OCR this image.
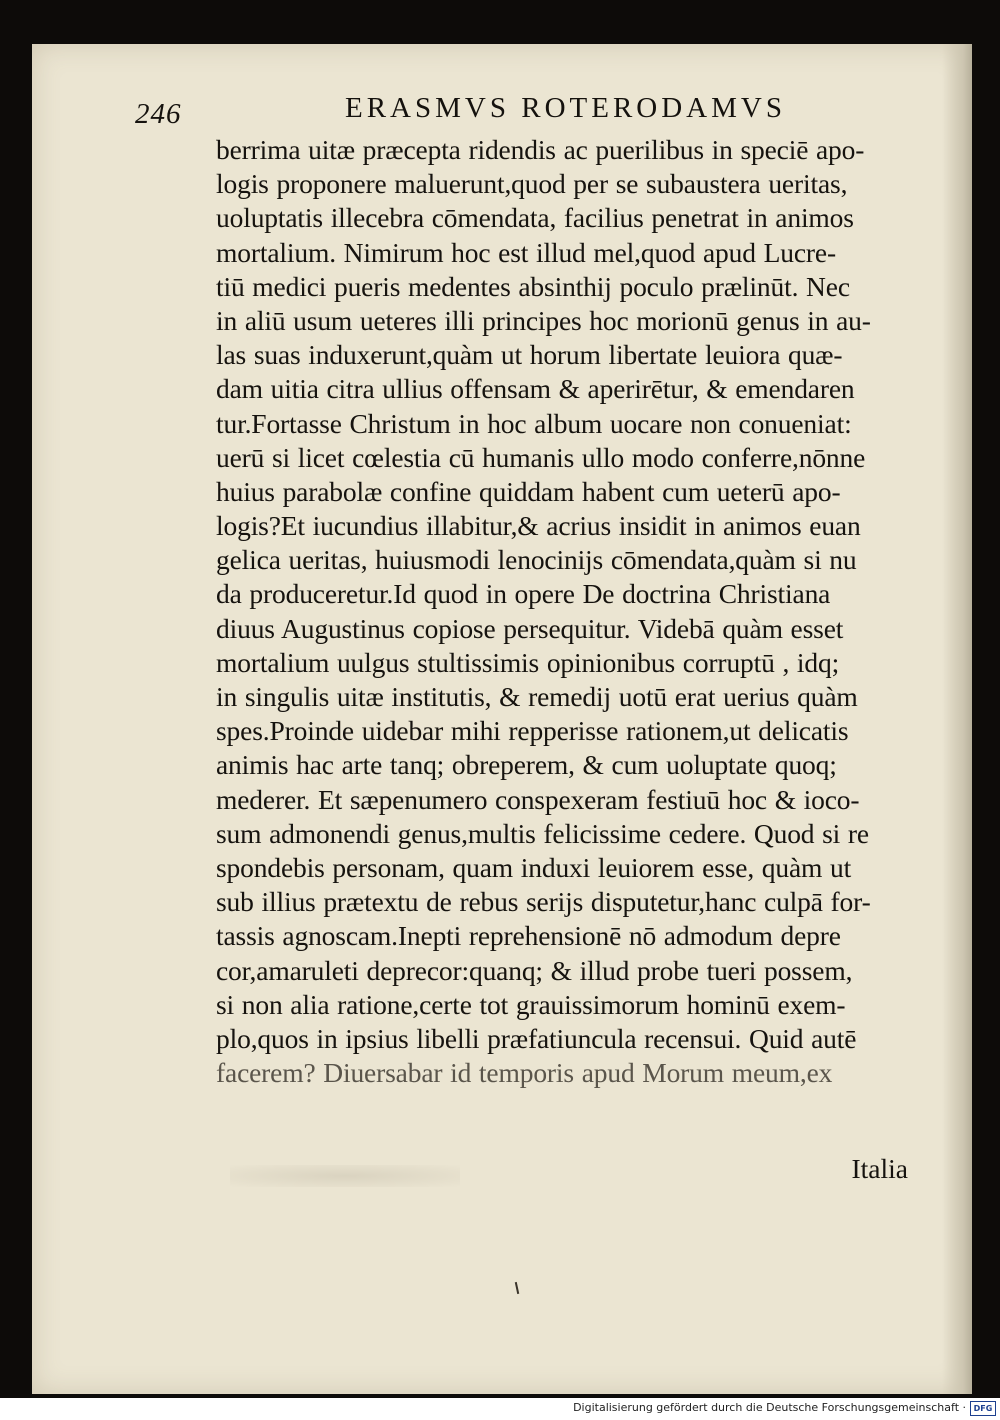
246	ERASMVS ROTERODAMVS
berrima uitæ præcepta ridendis ac puerilibus in speciē apo-
logis proponere maluerunt,quod per se subaustera ueritas,
uoluptatis illecebra cōmendata, facilius penetrat in animos
mortalium. Nimirum hoc est illud mel,quod apud Lucre-
tiū medici pueris medentes absinthij poculo prælinūt. Nec
in aliū usum ueteres illi principes hoc morionū genus in au-
las suas induxerunt,quàm ut horum libertate leuiora quæ-
dam uitia citra ullius offensam & aperirētur, & emendaren
tur.Fortasse Christum in hoc album uocare non conueniat:
uerū si licet cœlestia cū humanis ullo modo conferre,nōnne
huius parabolæ confine quiddam habent cum ueterū apo-
logis?Et iucundius illabitur,& acrius insidit in animos euan
gelica ueritas, huiusmodi lenocinijs cōmendata,quàm si nu
da produceretur.Id quod in opere De doctrina Christiana
diuus Augustinus copiose persequitur. Videbā quàm esset
mortalium uulgus stultissimis opinionibus corruptū , idq;
in singulis uitæ institutis, & remedij uotū erat uerius quàm
spes.Proinde uidebar mihi repperisse rationem,ut delicatis
animis hac arte tanq; obreperem, & cum uoluptate quoq;
mederer. Et sæpenumero conspexeram festiuū hoc & ioco-
sum admonendi genus,multis felicissime cedere. Quod si re
spondebis personam, quam induxi leuiorem esse, quàm ut
sub illius prætextu de rebus serijs disputetur,hanc culpā for-
tassis agnoscam.Inepti reprehensionē nō admodum depre
cor,amaruleti deprecor:quanq; & illud probe tueri possem,
si non alia ratione,certe tot grauissimorum hominū exem-
plo,quos in ipsius libelli præfatiuncula recensui. Quid autē
facerem? Diuersabar id temporis apud Morum meum,ex
Italia
Digitalisierung gefördert durch die Deutsche Forschungsgemeinschaft · DFG
